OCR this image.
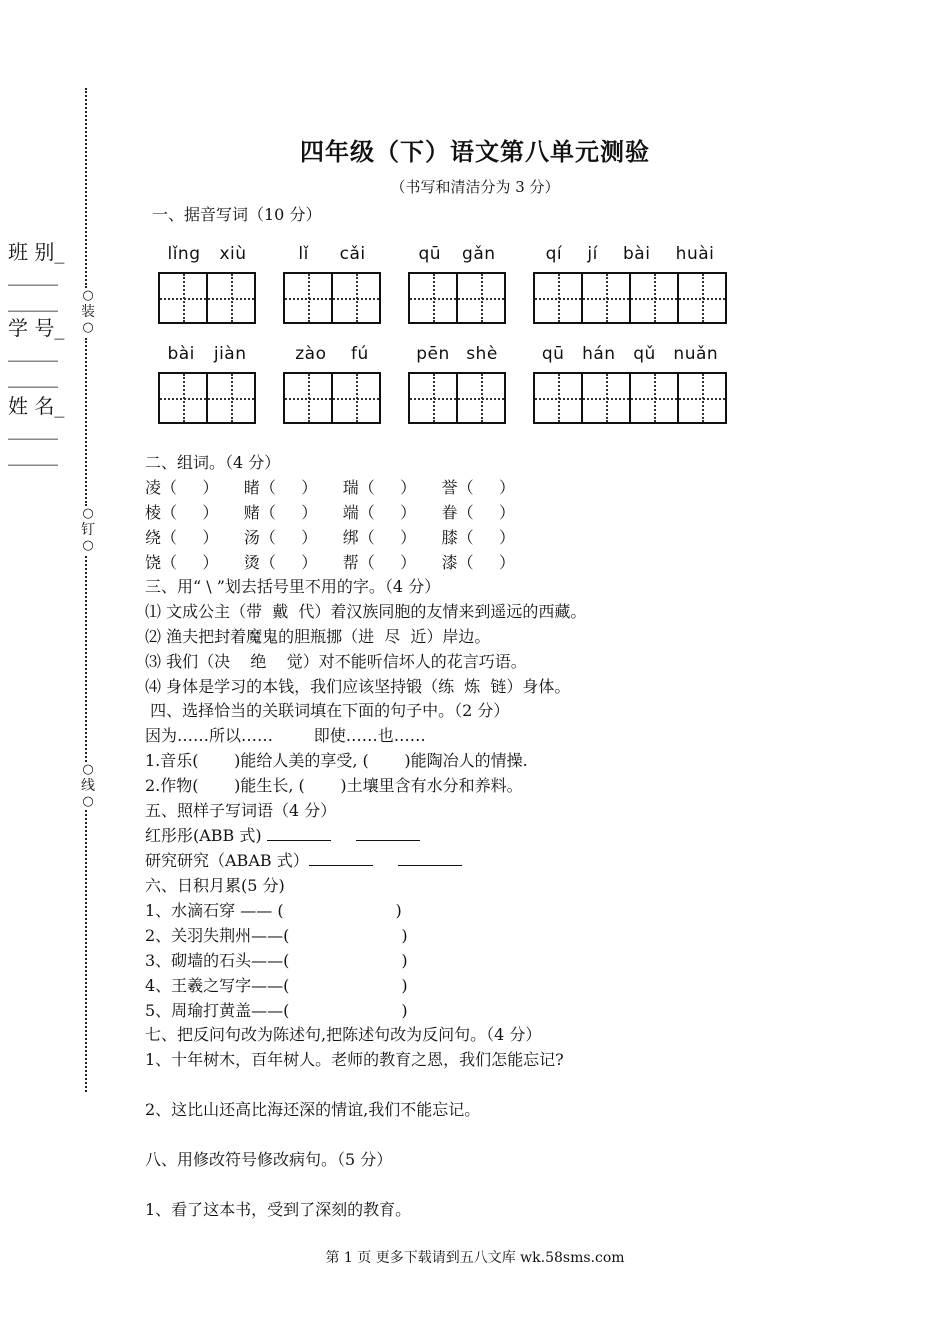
班 别_
_____
_____
学 号_
_____
_____
姓 名_
_____
_____
○
装
○
○
钉
○
○
线
○
四年级（下）语文第八单元测验
（书写和清洁分为 3 分）
一、据音写词（10 分）
lǐng xiù	lǐ cǎi	qū gǎn	qí jí bài huài
bài jiàn	zào fú	pēn shè	qū hán qǔ nuǎn
二、组词。（4 分）
凌（     ）     睹（     ）     瑞（     ）     誉（     ）
棱（     ）     赌（     ）     端（     ）     眷（     ）
绕（     ）     汤（     ）     绑（     ）     膝（     ）
饶（     ）     烫（     ）     帮（     ）     漆（     ）
三、用“ \ ”划去括号里不用的字。（4 分）
⑴ 文成公主（带  戴  代）着汉族同胞的友情来到遥远的西藏。
⑵ 渔夫把封着魔鬼的胆瓶挪（进  尽  近）岸边。
⑶ 我们（决    绝    觉）对不能听信坏人的花言巧语。
⑷ 身体是学习的本钱，我们应该坚持锻（练  炼  链）身体。
四、选择恰当的关联词填在下面的句子中。（2 分）
因为……所以……        即使……也……
1.音乐(       )能给人美的享受, (       )能陶冶人的情操.
2.作物(       )能生长, (       )土壤里含有水分和养料。
五、照样子写词语（4 分）
红彤彤(ABB 式)
研究研究（ABAB 式）
六、日积月累(5 分)
1、水滴石穿 —— (                      )
2、关羽失荆州——(                      )
3、砌墙的石头——(                      )
4、王羲之写字——(                      )
5、周瑜打黄盖——(                      )
七、把反问句改为陈述句,把陈述句改为反问句。（4 分）
1、十年树木，百年树人。老师的教育之恩，我们怎能忘记?
2、这比山还高比海还深的情谊,我们不能忘记。
八、用修改符号修改病句。（5 分）
1、看了这本书，受到了深刻的教育。
第 1 页 更多下载请到五八文库 wk.58sms.com
